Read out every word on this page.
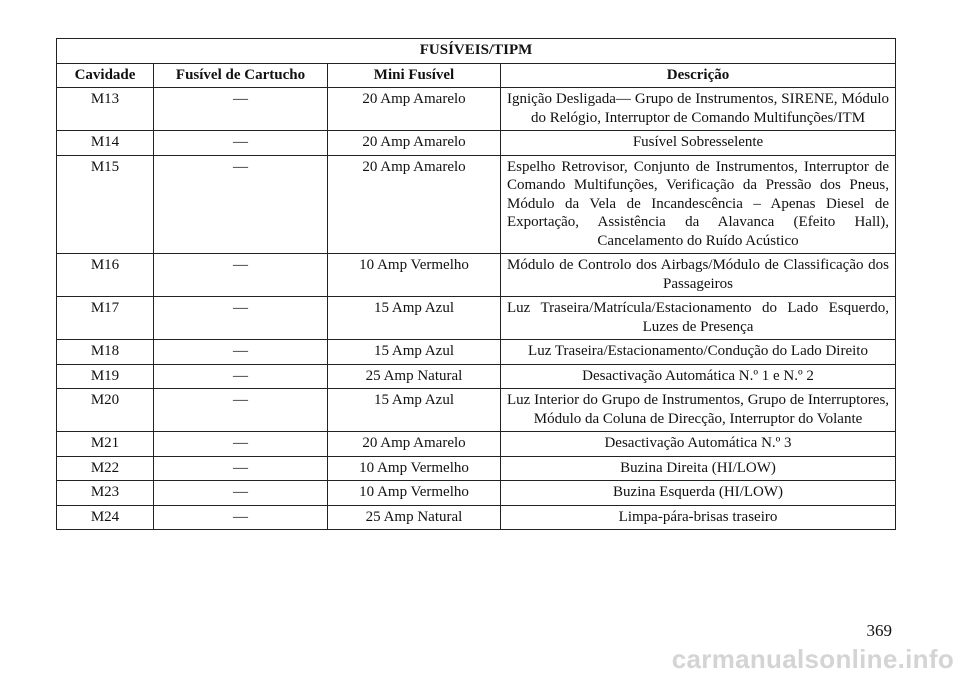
FUSÍVEIS/TIPM			
Cavidade	Fusível de Cartucho	Mini Fusível	Descrição
M13	—	20 Amp Amarelo	Ignição Desligada— Grupo de Instrumentos, SIRENE, Módulo do Relógio, Interruptor de Comando Multifunções/ITM
M14	—	20 Amp Amarelo	Fusível Sobresselente
M15	—	20 Amp Amarelo	Espelho Retrovisor, Conjunto de Instrumentos, Interruptor de Comando Multifunções, Verificação da Pressão dos Pneus, Módulo da Vela de Incandescência – Apenas Diesel de Exportação, Assistência da Alavanca (Efeito Hall), Cancelamento do Ruído Acústico
M16	—	10 Amp Vermelho	Módulo de Controlo dos Airbags/Módulo de Classificação dos Passageiros
M17	—	15 Amp Azul	Luz Traseira/Matrícula/Estacionamento do Lado Esquerdo, Luzes de Presença
M18	—	15 Amp Azul	Luz Traseira/Estacionamento/Condução do Lado Direito
M19	—	25 Amp Natural	Desactivação Automática N.º 1 e N.º 2
M20	—	15 Amp Azul	Luz Interior do Grupo de Instrumentos, Grupo de Interruptores, Módulo da Coluna de Direcção, Interruptor do Volante
M21	—	20 Amp Amarelo	Desactivação Automática N.º 3
M22	—	10 Amp Vermelho	Buzina Direita (HI/LOW)
M23	—	10 Amp Vermelho	Buzina Esquerda (HI/LOW)
M24	—	25 Amp Natural	Limpa-pára-brisas traseiro
369
carmanualsonline.info
